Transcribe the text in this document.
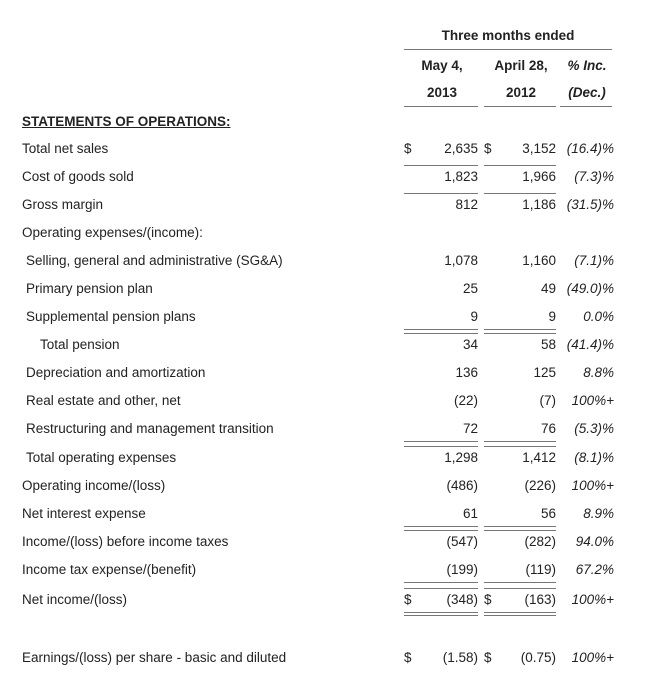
Three months ended
May 4,
2013
April 28,
2012
% Inc.
(Dec.)
STATEMENTS OF OPERATIONS:
Total net sales	$	2,635 $	3,152 (16.4)%
Cost of goods sold	1,823	1,966	(7.3)%
Gross margin	812	1,186 (31.5)%
Operating expenses/(income):
Selling, general and administrative (SG&A)	1,078	1,160	(7.1)%
Primary pension plan	25	49 (49.0)%
Supplemental pension plans	9	9	0.0%
Total pension	34	58 (41.4)%
Depreciation and amortization	136	125	8.8%
Real estate and other, net	(22)	(7)	100%+
Restructuring and management transition	72	76	(5.3)%
Total operating expenses	1,298	1,412	(8.1)%
Operating income/(loss)	(486)	(226)	100%+
Net interest expense	61	56	8.9%
Income/(loss) before income taxes	(547)	(282)	94.0%
Income tax expense/(benefit)	(199)	(119)	67.2%
Net income/(loss)	$	(348) $	(163)	100%+
Earnings/(loss) per share - basic and diluted	$	(1.58) $	(0.75)	100%+
